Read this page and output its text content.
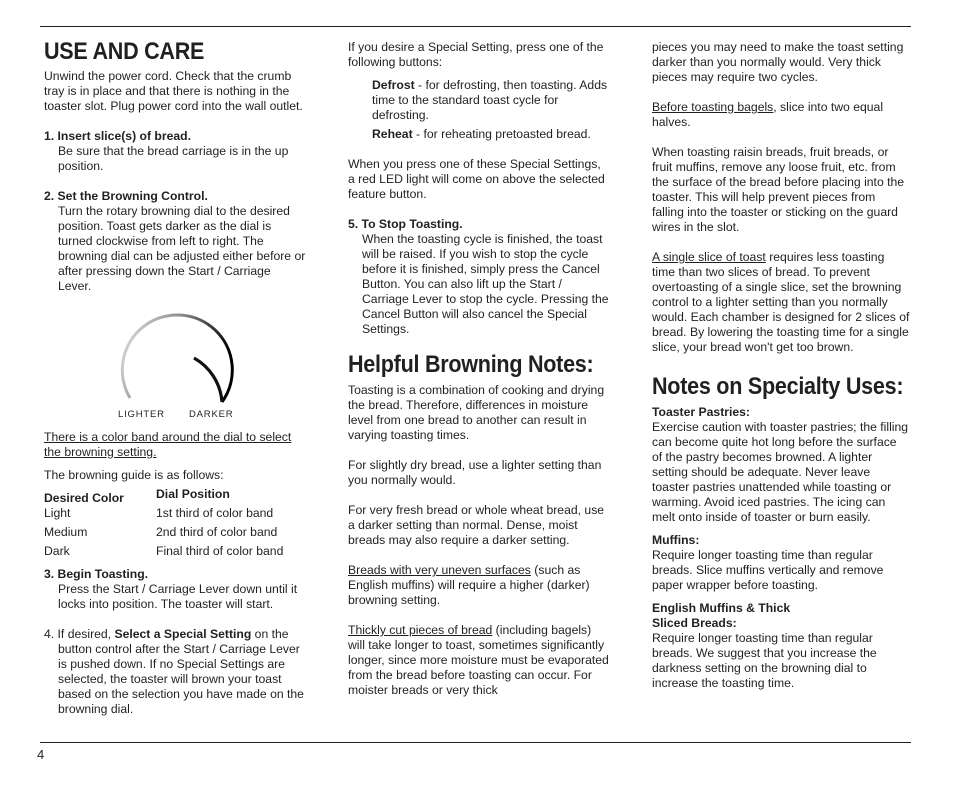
USE AND CARE

Unwind the power cord. Check that the crumb tray is in place and that there is nothing in the toaster slot. Plug power cord into the wall outlet.

1. Insert slice(s) of bread.

Be sure that the bread carriage is in the up position.

2. Set the Browning Control.

Turn the rotary browning dial to the desired position. Toast gets darker as the dial is turned clockwise from left to right. The browning dial can be adjusted either before or after pressing down the Start / Carriage Lever.

LIGHTER	DARKER

There is a color band around the dial to select the browning setting.

The browning guide is as follows:

Desired Color	Dial Position
Light	1st third of color band
Medium	2nd third of color band
Dark	Final third of color band

3. Begin Toasting.

Press the Start / Carriage Lever down until it locks into position. The toaster will start.

4. If desired, Select a Special Setting on the button control after the Start / Carriage Lever is pushed down. If no Special Settings are selected, the toaster will brown your toast based on the selection you have made on the browning dial.

If you desire a Special Setting, press one of the following buttons:

Defrost - for defrosting, then toasting. Adds time to the standard toast cycle for defrosting.

Reheat - for reheating pretoasted bread.

When you press one of these Special Settings, a red LED light will come on above the selected feature button.

5. To Stop Toasting.

When the toasting cycle is finished, the toast will be raised. If you wish to stop the cycle before it is finished, simply press the Cancel Button. You can also lift up the Start / Carriage Lever to stop the cycle. Pressing the Cancel Button will also cancel the Special Settings.

Helpful Browning Notes:

Toasting is a combination of cooking and drying the bread. Therefore, differences in moisture level from one bread to another can result in varying toasting times.

For slightly dry bread, use a lighter setting than you normally would.

For very fresh bread or whole wheat bread, use a darker setting than normal. Dense, moist breads may also require a darker setting.

Breads with very uneven surfaces (such as English muffins) will require a higher (darker) browning setting.

Thickly cut pieces of bread (including bagels) will take longer to toast, sometimes significantly longer, since more moisture must be evaporated from the bread before toasting can occur. For moister breads or very thick

pieces you may need to make the toast setting darker than you normally would. Very thick pieces may require two cycles.

Before toasting bagels, slice into two equal halves.

When toasting raisin breads, fruit breads, or fruit muffins, remove any loose fruit, etc. from the surface of the bread before placing into the toaster. This will help prevent pieces from falling into the toaster or sticking on the guard wires in the slot.

A single slice of toast requires less toasting time than two slices of bread. To prevent overtoasting of a single slice, set the browning control to a lighter setting than you normally would. Each chamber is designed for 2 slices of bread. By lowering the toasting time for a single slice, your bread won't get too brown.

Notes on Specialty Uses:

Toaster Pastries:

Exercise caution with toaster pastries; the filling can become quite hot long before the surface of the pastry becomes browned. A lighter setting should be adequate. Never leave toaster pastries unattended while toasting or warming. Avoid iced pastries. The icing can melt onto inside of toaster or burn easily.

Muffins:

Require longer toasting time than regular breads. Slice muffins vertically and remove paper wrapper before toasting.

English Muffins & Thick

Sliced Breads:

Require longer toasting time than regular breads. We suggest that you increase the darkness setting on the browning dial to increase the toasting time.

4
